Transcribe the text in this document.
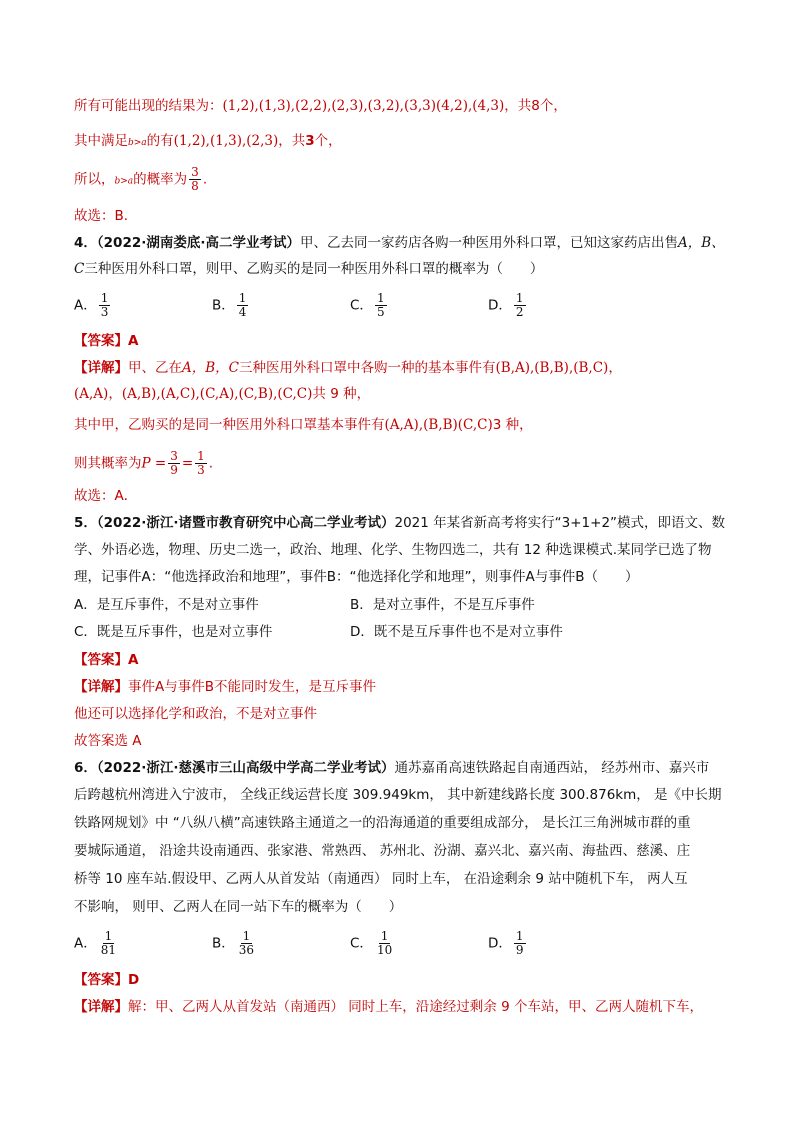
所有可能出现的结果为：(1,2),(1,3),(2,2),(2,3),(3,2),(3,3)(4,2),(4,3)，共8个，
其中满足b>a的有(1,2),(1,3),(2,3)，共3个，
所以，b>a的概率为 $\frac{3}{8}$ .
故选：B.
4．（2022·湖南娄底·高二学业考试）甲、乙去同一家药店各购一种医用外科口罩，已知这家药店出售A，B、
C三种医用外科口罩，则甲、乙购买的是同一种医用外科口罩的概率为（　　）
A． $\frac{1}{3}$	B． $\frac{1}{4}$	C． $\frac{1}{5}$	D． $\frac{1}{2}$
【答案】A
【详解】甲、乙在A，B，C三种医用外科口罩中各购一种的基本事件有(B,A),(B,B),(B,C)，
(A,A)，(A,B),(A,C),(C,A),(C,B),(C,C)共 9 种，
其中甲，乙购买的是同一种医用外科口罩基本事件有(A,A),(B,B)(C,C)3 种，
则其概率为$P = \frac{3}{9} = \frac{1}{3}$ .
故选：A．
5．（2022·浙江·诸暨市教育研究中心高二学业考试）2021 年某省新高考将实行“3+1+2”模式，即语文、数
学、外语必选，物理、历史二选一，政治、地理、化学、生物四选二，共有 12 种选课模式.某同学已选了物
理，记事件A：“他选择政治和地理”，事件B：“他选择化学和地理”，则事件A与事件B（　　）
A．是互斥事件，不是对立事件	B．是对立事件，不是互斥事件
C．既是互斥事件，也是对立事件	D．既不是互斥事件也不是对立事件
【答案】A
【详解】事件A与事件B不能同时发生，是互斥事件
他还可以选择化学和政治，不是对立事件
故答案选 A
6．（2022·浙江·慈溪市三山高级中学高二学业考试）通苏嘉甬高速铁路起自南通西站， 经苏州市、嘉兴市
后跨越杭州湾进入宁波市， 全线正线运营长度 309.949km， 其中新建线路长度 300.876km， 是《中长期
铁路网规划》中 “八纵八横”高速铁路主通道之一的沿海通道的重要组成部分， 是长江三角洲城市群的重
要城际通道， 沿途共设南通西、张家港、常熟西、 苏州北、汾湖、嘉兴北、嘉兴南、海盐西、慈溪、庄
桥等 10 座车站.假设甲、乙两人从首发站（南通西） 同时上车， 在沿途剩余 9 站中随机下车， 两人互
不影响， 则甲、乙两人在同一站下车的概率为（　　）
A． $\frac{1}{81}$	B． $\frac{1}{36}$	C． $\frac{1}{10}$	D． $\frac{1}{9}$
【答案】D
【详解】解：甲、乙两人从首发站（南通西） 同时上车，沿途经过剩余 9 个车站，甲、乙两人随机下车，
